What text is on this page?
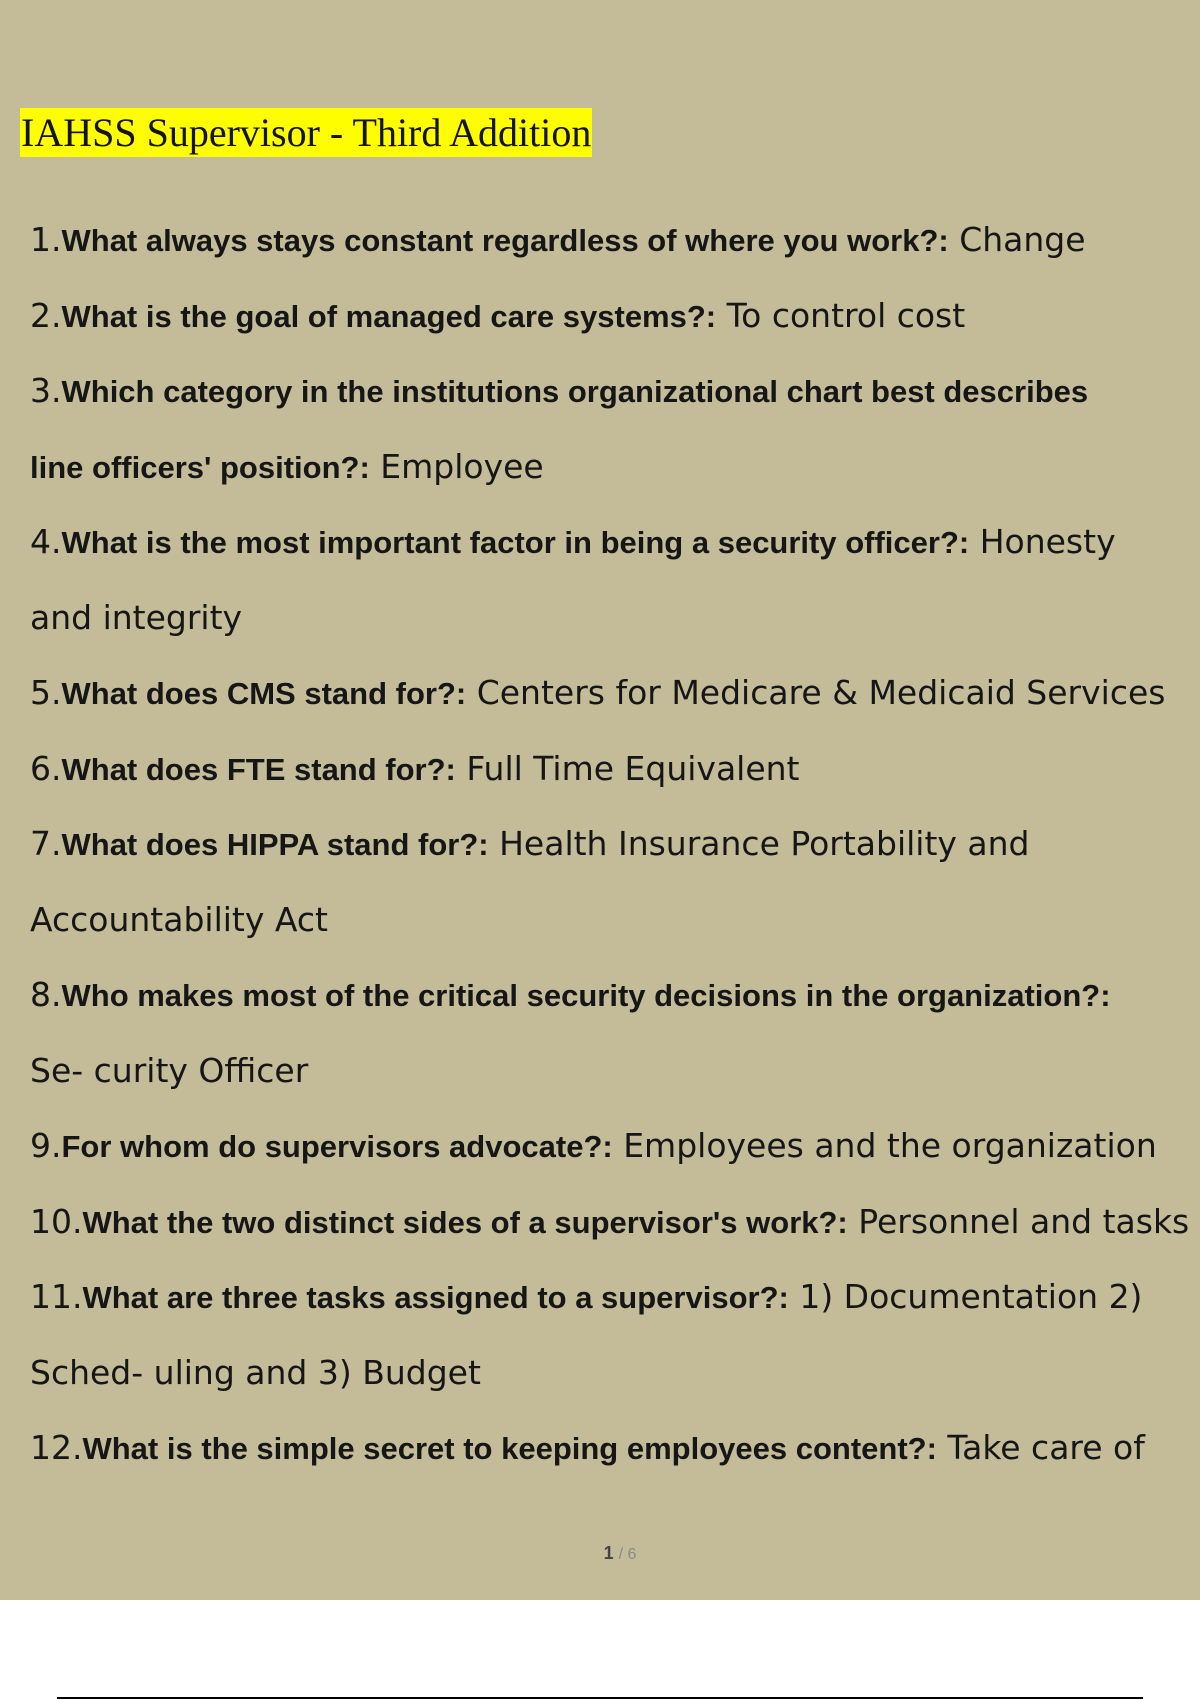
IAHSS Supervisor - Third Addition
1.What always stays constant regardless of where you work?: Change
2.What is the goal of managed care systems?: To control cost
3.Which category in the institutions organizational chart best describes
line officers' position?: Employee
4.What is the most important factor in being a security officer?: Honesty
and integrity
5.What does CMS stand for?: Centers for Medicare & Medicaid Services
6.What does FTE stand for?: Full Time Equivalent
7.What does HIPPA stand for?: Health Insurance Portability and
Accountability Act
8.Who makes most of the critical security decisions in the organization?:
Se- curity Officer
9.For whom do supervisors advocate?: Employees and the organization
10.What the two distinct sides of a supervisor's work?: Personnel and tasks
11.What are three tasks assigned to a supervisor?: 1) Documentation 2)
Sched- uling and 3) Budget
12.What is the simple secret to keeping employees content?: Take care of
1 / 6
